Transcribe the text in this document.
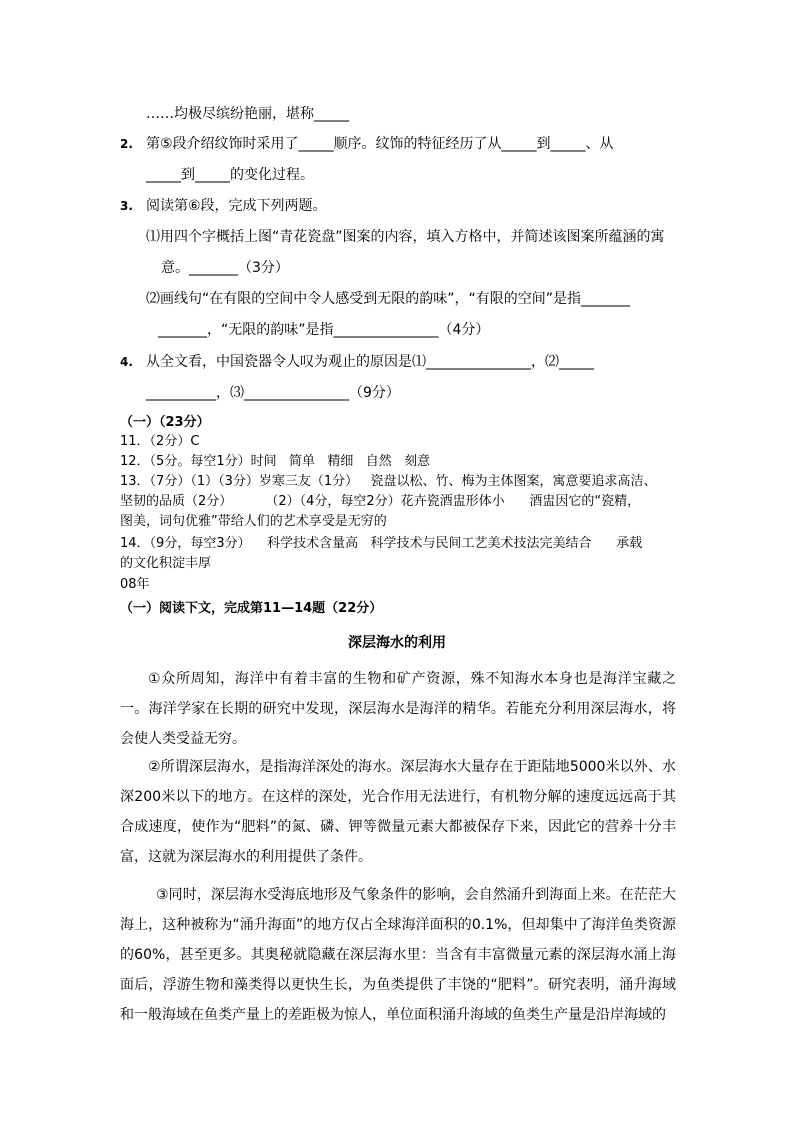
……均极尽缤纷艳丽，堪称_____
2. 第⑤段介绍纹饰时采用了_____顺序。纹饰的特征经历了从_____到_____、从
_____到_____的变化过程。
3. 阅读第⑥段，完成下列两题。
⑴用四个字概括上图“青花瓷盘”图案的内容，填入方格中，并简述该图案所蕴涵的寓
意。_______（3分）
⑵画线句“在有限的空间中令人感受到无限的韵味”，“有限的空间”是指_______
_______，“无限的韵味”是指_______________（4分）
4. 从全文看，中国瓷器令人叹为观止的原因是⑴_______________，⑵_____
__________，⑶_______________（9分）
（一）（23分）
11．（2分）C
12．（5分。每空1分）时间   简单   精细   自然   刻意
13．（7分）（1）（3分）岁寒三友（1分）   瓷盘以松、竹、梅为主体图案，寓意要追求高洁、
坚韧的品质（2分）        （2）（4分，每空2分）花卉瓷酒盅形体小      酒盅因它的“瓷精，
图美，词句优雅”带给人们的艺术享受是无穷的
14．（9分，每空3分）    科学技术含量高   科学技术与民间工艺美术技法完美结合      承载
的文化积淀丰厚
08年
（一）阅读下文，完成第11—14题（22分）
深层海水的利用
①众所周知，海洋中有着丰富的生物和矿产资源，殊不知海水本身也是海洋宝藏之一。海洋学家在长期的研究中发现，深层海水是海洋的精华。若能充分利用深层海水，将会使人类受益无穷。
②所谓深层海水，是指海洋深处的海水。深层海水大量存在于距陆地5000米以外、水深200米以下的地方。在这样的深处，光合作用无法进行，有机物分解的速度远远高于其合成速度，使作为“肥料”的氮、磷、钾等微量元素大都被保存下来，因此它的营养十分丰富，这就为深层海水的利用提供了条件。
③同时，深层海水受海底地形及气象条件的影响，会自然涌升到海面上来。在茫茫大海上，这种被称为“涌升海面”的地方仅占全球海洋面积的0.1%，但却集中了海洋鱼类资源的60%，甚至更多。其奥秘就隐藏在深层海水里：当含有丰富微量元素的深层海水涌上海面后，浮游生物和藻类得以更快生长，为鱼类提供了丰饶的“肥料”。研究表明，涌升海域和一般海域在鱼类产量上的差距极为惊人，单位面积涌升海域的鱼类生产量是沿岸海域的
